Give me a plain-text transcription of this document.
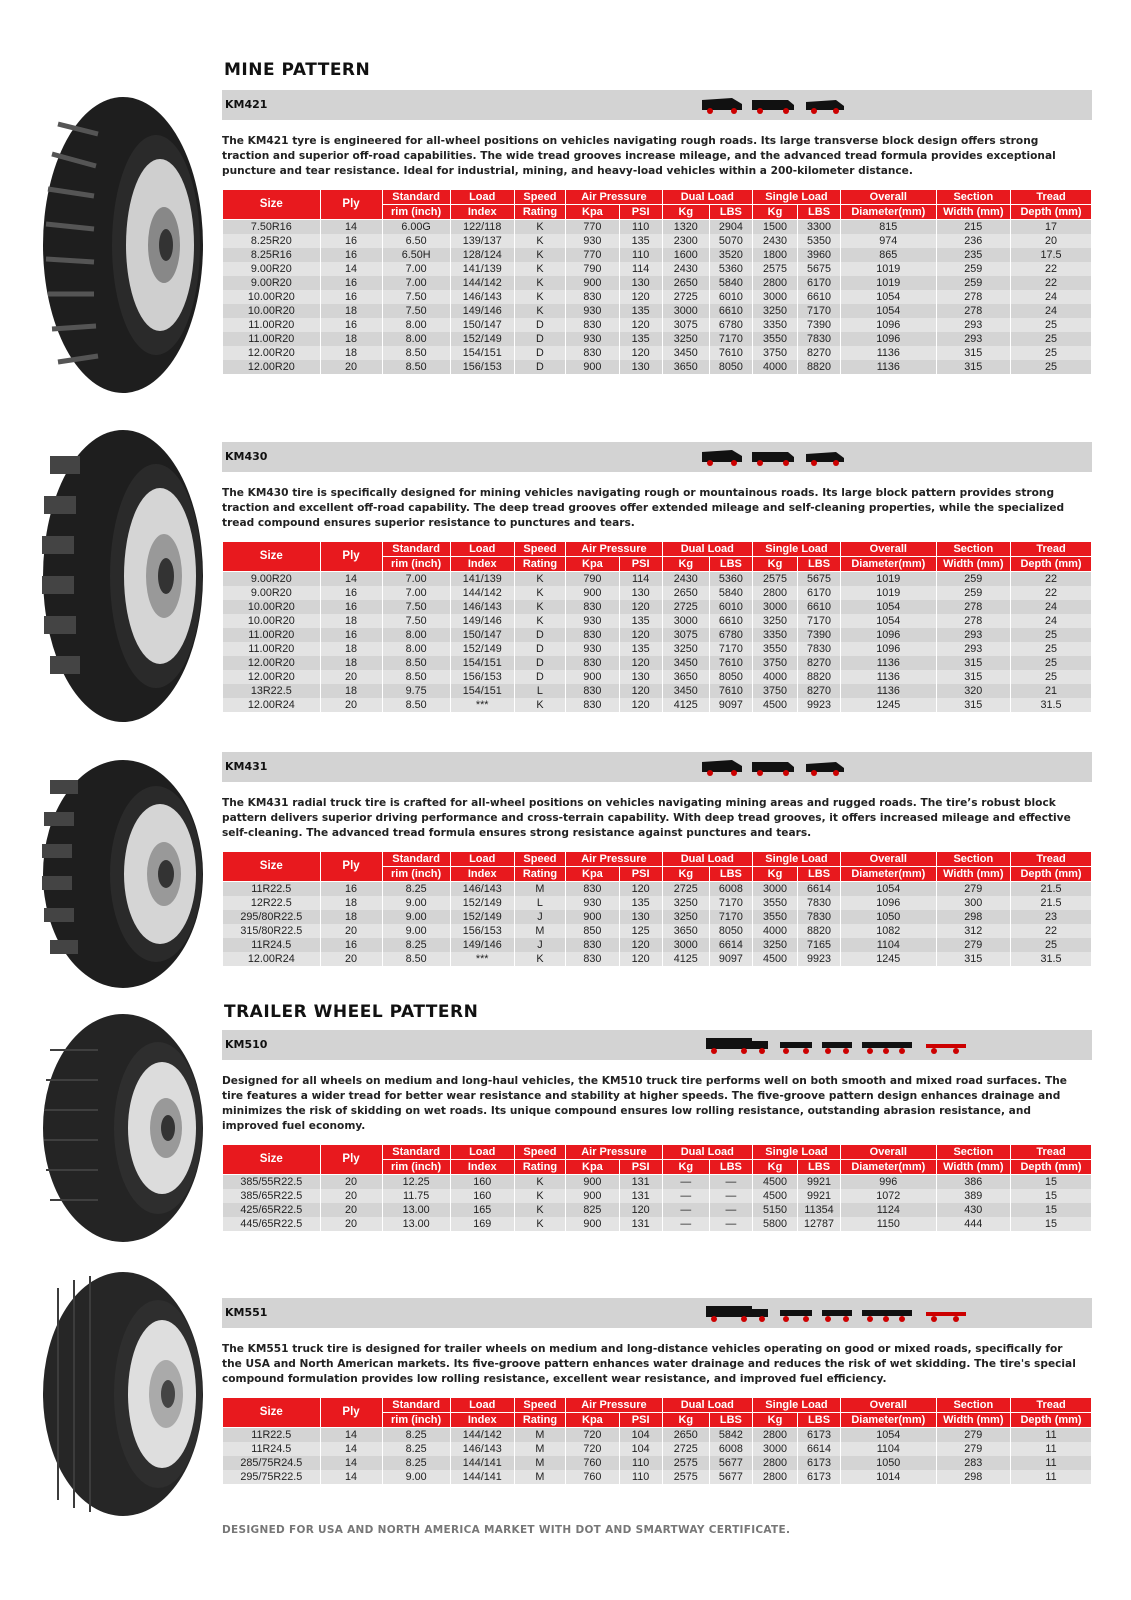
MINE PATTERN
TRAILER WHEEL PATTERN
KM421
The KM421 tyre is engineered for all-wheel positions on vehicles navigating rough roads. Its large transverse block design offers strong traction and superior off-road capabilities. The wide tread grooves increase mileage, and the advanced tread formula provides exceptional puncture and tear resistance. Ideal for industrial, mining, and heavy-load vehicles within a 200-kilometer distance.
Size	Ply	Standard	Load	Speed	Air Pressure		Dual Load		Single Load		Overall	Section	Tread
		rim (inch)	Index	Rating	Kpa	PSI	Kg	LBS	Kg	LBS	Diameter(mm)	Width (mm)	Depth (mm)
7.50R16	14	6.00G	122/118	K	770	110	1320	2904	1500	3300	815	215	17
8.25R20	16	6.50	139/137	K	930	135	2300	5070	2430	5350	974	236	20
8.25R16	16	6.50H	128/124	K	770	110	1600	3520	1800	3960	865	235	17.5
9.00R20	14	7.00	141/139	K	790	114	2430	5360	2575	5675	1019	259	22
9.00R20	16	7.00	144/142	K	900	130	2650	5840	2800	6170	1019	259	22
10.00R20	16	7.50	146/143	K	830	120	2725	6010	3000	6610	1054	278	24
10.00R20	18	7.50	149/146	K	930	135	3000	6610	3250	7170	1054	278	24
11.00R20	16	8.00	150/147	D	830	120	3075	6780	3350	7390	1096	293	25
11.00R20	18	8.00	152/149	D	930	135	3250	7170	3550	7830	1096	293	25
12.00R20	18	8.50	154/151	D	830	120	3450	7610	3750	8270	1136	315	25
12.00R20	20	8.50	156/153	D	900	130	3650	8050	4000	8820	1136	315	25
KM430
The KM430 tire is specifically designed for mining vehicles navigating rough or mountainous roads. Its large block pattern provides strong traction and excellent off-road capability. The deep tread grooves offer extended mileage and self-cleaning properties, while the specialized tread compound ensures superior resistance to punctures and tears.
Size	Ply	Standard	Load	Speed	Air Pressure		Dual Load		Single Load		Overall	Section	Tread
		rim (inch)	Index	Rating	Kpa	PSI	Kg	LBS	Kg	LBS	Diameter(mm)	Width (mm)	Depth (mm)
9.00R20	14	7.00	141/139	K	790	114	2430	5360	2575	5675	1019	259	22
9.00R20	16	7.00	144/142	K	900	130	2650	5840	2800	6170	1019	259	22
10.00R20	16	7.50	146/143	K	830	120	2725	6010	3000	6610	1054	278	24
10.00R20	18	7.50	149/146	K	930	135	3000	6610	3250	7170	1054	278	24
11.00R20	16	8.00	150/147	D	830	120	3075	6780	3350	7390	1096	293	25
11.00R20	18	8.00	152/149	D	930	135	3250	7170	3550	7830	1096	293	25
12.00R20	18	8.50	154/151	D	830	120	3450	7610	3750	8270	1136	315	25
12.00R20	20	8.50	156/153	D	900	130	3650	8050	4000	8820	1136	315	25
13R22.5	18	9.75	154/151	L	830	120	3450	7610	3750	8270	1136	320	21
12.00R24	20	8.50	***	K	830	120	4125	9097	4500	9923	1245	315	31.5
KM431
The KM431 radial truck tire is crafted for all-wheel positions on vehicles navigating mining areas and rugged roads. The tire’s robust block pattern delivers superior driving performance and cross-terrain capability. With deep tread grooves, it offers increased mileage and effective self-cleaning. The advanced tread formula ensures strong resistance against punctures and tears.
Size	Ply	Standard	Load	Speed	Air Pressure		Dual Load		Single Load		Overall	Section	Tread
		rim (inch)	Index	Rating	Kpa	PSI	Kg	LBS	Kg	LBS	Diameter(mm)	Width (mm)	Depth (mm)
11R22.5	16	8.25	146/143	M	830	120	2725	6008	3000	6614	1054	279	21.5
12R22.5	18	9.00	152/149	L	930	135	3250	7170	3550	7830	1096	300	21.5
295/80R22.5	18	9.00	152/149	J	900	130	3250	7170	3550	7830	1050	298	23
315/80R22.5	20	9.00	156/153	M	850	125	3650	8050	4000	8820	1082	312	22
11R24.5	16	8.25	149/146	J	830	120	3000	6614	3250	7165	1104	279	25
12.00R24	20	8.50	***	K	830	120	4125	9097	4500	9923	1245	315	31.5
KM510
Designed for all wheels on medium and long-haul vehicles, the KM510 truck tire performs well on both smooth and mixed road surfaces. The tire features a wider tread for better wear resistance and stability at higher speeds. The five-groove pattern design enhances drainage and minimizes the risk of skidding on wet roads. Its unique compound ensures low rolling resistance, outstanding abrasion resistance, and improved fuel economy.
Size	Ply	Standard	Load	Speed	Air Pressure		Dual Load		Single Load		Overall	Section	Tread
		rim (inch)	Index	Rating	Kpa	PSI	Kg	LBS	Kg	LBS	Diameter(mm)	Width (mm)	Depth (mm)
385/55R22.5	20	12.25	160	K	900	131	—	—	4500	9921	996	386	15
385/65R22.5	20	11.75	160	K	900	131	—	—	4500	9921	1072	389	15
425/65R22.5	20	13.00	165	K	825	120	—	—	5150	11354	1124	430	15
445/65R22.5	20	13.00	169	K	900	131	—	—	5800	12787	1150	444	15
KM551
The KM551 truck tire is designed for trailer wheels on medium and long-distance vehicles operating on good or mixed roads, specifically for the USA and North American markets. Its five-groove pattern enhances water drainage and reduces the risk of wet skidding. The tire's special compound formulation provides low rolling resistance, excellent wear resistance, and improved fuel efficiency.
Size	Ply	Standard	Load	Speed	Air Pressure		Dual Load		Single Load		Overall	Section	Tread
		rim (inch)	Index	Rating	Kpa	PSI	Kg	LBS	Kg	LBS	Diameter(mm)	Width (mm)	Depth (mm)
11R22.5	14	8.25	144/142	M	720	104	2650	5842	2800	6173	1054	279	11
11R24.5	14	8.25	146/143	M	720	104	2725	6008	3000	6614	1104	279	11
285/75R24.5	14	8.25	144/141	M	760	110	2575	5677	2800	6173	1050	283	11
295/75R22.5	14	9.00	144/141	M	760	110	2575	5677	2800	6173	1014	298	11
DESIGNED FOR USA AND NORTH AMERICA MARKET WITH DOT AND SMARTWAY CERTIFICATE.
